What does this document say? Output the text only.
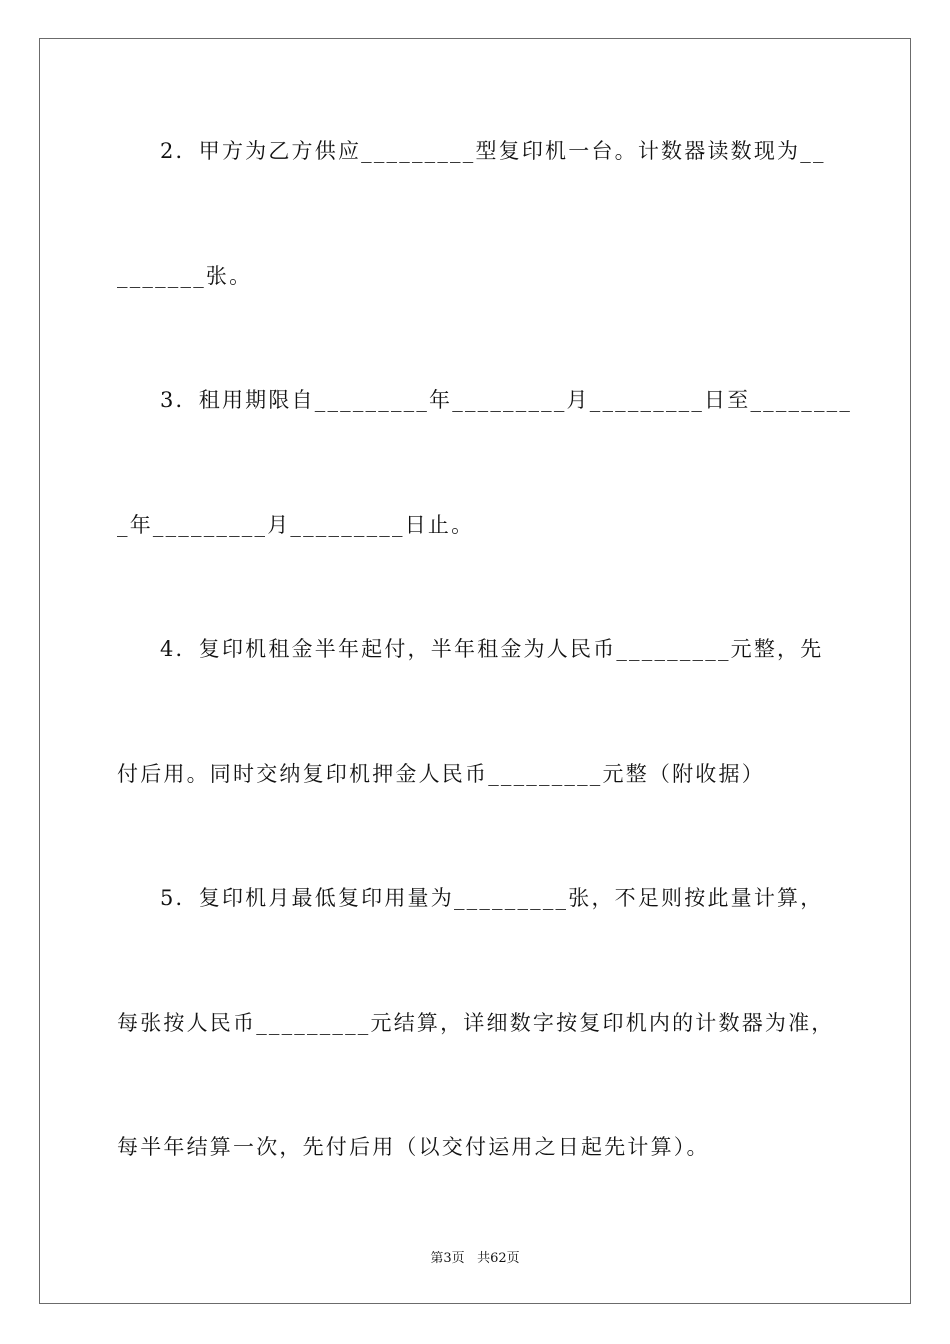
2．甲方为乙方供应_________型复印机一台。计数器读数现为__
_______张。
3．租用期限自_________年_________月_________日至________
_年_________月_________日止。
4．复印机租金半年起付，半年租金为人民币_________元整，先
付后用。同时交纳复印机押金人民币_________元整（附收据）
5．复印机月最低复印用量为_________张，不足则按此量计算，
每张按人民币_________元结算，详细数字按复印机内的计数器为准，
每半年结算一次，先付后用（以交付运用之日起先计算）。
第3页 共62页
